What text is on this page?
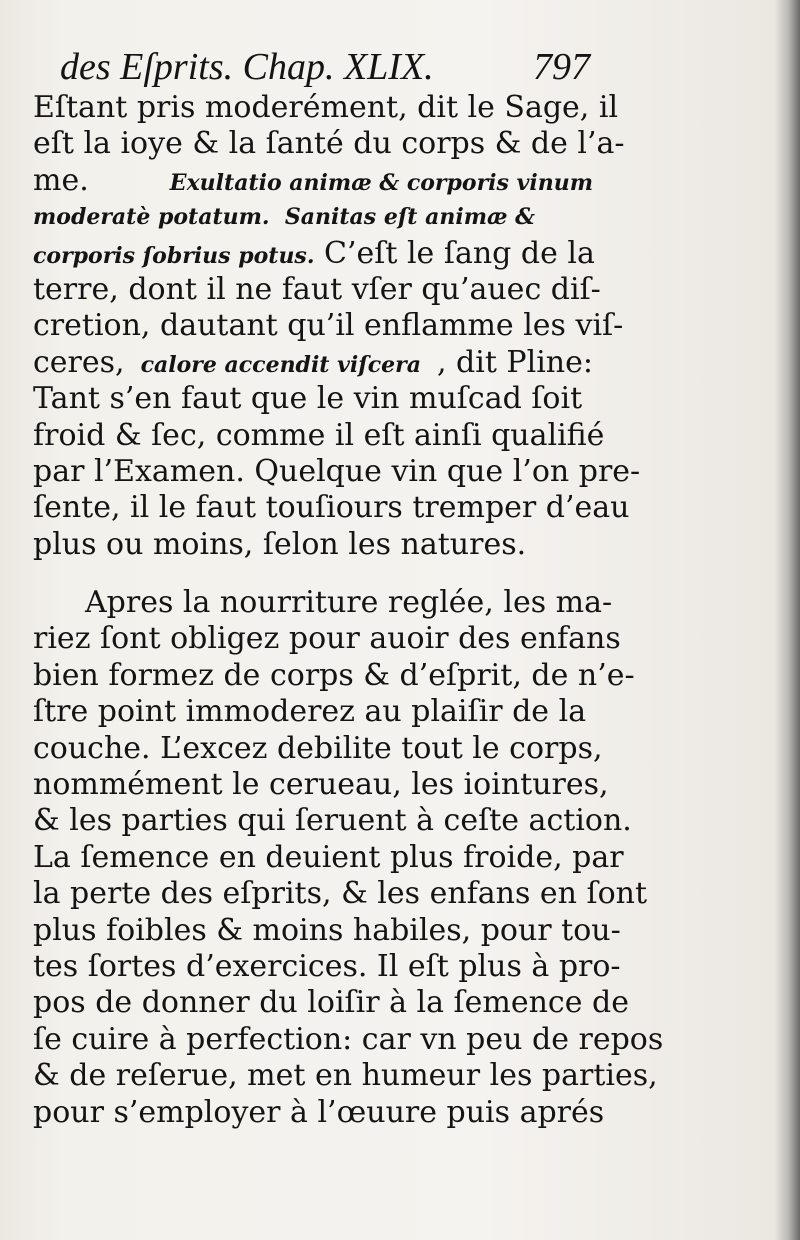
des Eſprits. Chap. XLIX.	797
Eſtant pris moderément, dit le Sage, il
eſt la ioye & la ſanté du corps & de l’a-
me.	Exultatio animæ & corporis vinum
moderatè potatum.  Sanitas eſt animæ &
corporis ſobrius potus. C’eſt le ſang de la
terre, dont il ne faut vſer qu’auec diſ-
cretion, dautant qu’il enflamme les viſ-
ceres, calore accendit viſcera , dit Pline:
Tant s’en faut que le vin muſcad ſoit
froid & ſec, comme il eſt ainſi qualifié
par l’Examen. Quelque vin que l’on pre-
ſente, il le faut touſiours tremper d’eau
plus ou moins, ſelon les natures.
Apres la nourriture reglée, les ma-
riez ſont obligez pour auoir des enfans
bien formez de corps & d’eſprit, de n’e-
ſtre point immoderez au plaiſir de la
couche. L’excez debilite tout le corps,
nommément le cerueau, les iointures,
& les parties qui ſeruent à ceſte action.
La ſemence en deuient plus froide, par
la perte des eſprits, & les enfans en ſont
plus foibles & moins habiles, pour tou-
tes ſortes d’exercices. Il eſt plus à pro-
pos de donner du loiſir à la ſemence de
ſe cuire à perfection: car vn peu de repos
& de reſerue, met en humeur les parties,
pour s’employer à l’œuure puis aprés
